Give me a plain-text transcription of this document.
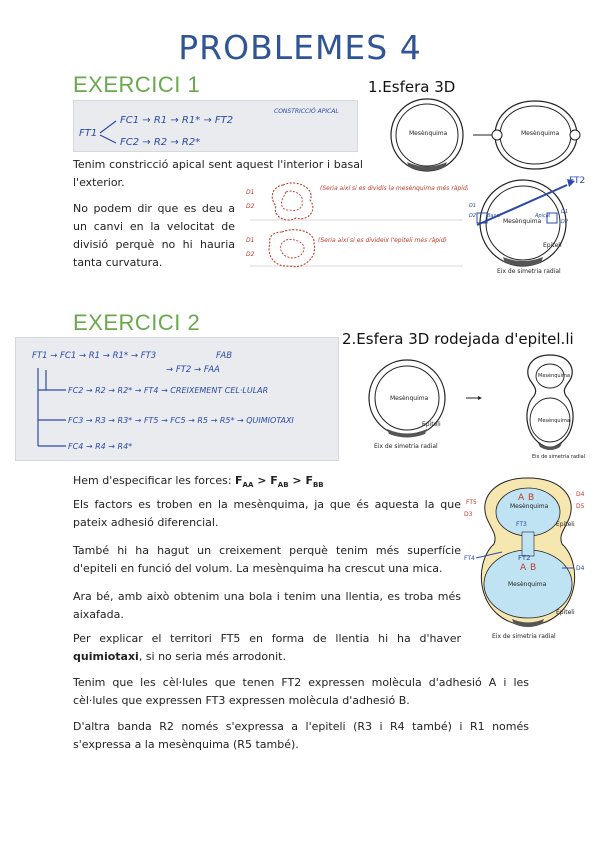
PROBLEMES 4
EXERCICI 1	1.Esfera 3D
FT1
FC1 → R1 → R1* → FT2
FC2 → R2 → R2*
CONSTRICCIÓ APICAL
Tenim constricció apical sent aquest l'interior i basal l'exterior.
No podem dir que es deu a un canvi en la velocitat de divisió perquè no hi hauria tanta curvatura.
D1
D2
D1
D2
(Seria així si es dividís la mesènquima més ràpid)
(Seria així si es divideix l'epiteli més ràpid)
Mesènquima	Mesènquima
Mesènquima
Epiteli
Eix de simetria radial
FT2
D1
D2
D1
D2
Apical
Basal
EXERCICI 2
2.Esfera 3D rodejada d'epitel.li
FT1 → FC1 → R1 → R1* → FT3	FAB
→ FT2 → FAA
FC2 → R2 → R2* → FT4 → CREIXEMENT CEL·LULAR
FC3 → R3 → R3* → FT5 → FC5 → R5 → R5* → QUIMIOTAXI
FC4 → R4 → R4*
Mesènquima
Epiteli
Eix de simetria radial
Mesènquima
Mesènquima
Eix de simetria radial
Hem d'especificar les forces: $F_{AA} > F_{AB} > F_{BB}$
Els factors es troben en la mesènquima, ja que és aquesta la que pateix adhesió diferencial.
També hi ha hagut un creixement perquè tenim més superfície d'epiteli en funció del volum. La mesènquima ha crescut una mica.
Ara bé, amb això obtenim una bola i tenim una llentia, es troba més aixafada.
Per explicar el territori FT5 en forma de llentia hi ha d'haver quimiotaxi, si no seria més arrodonit.
Tenim que les cèl·lules que tenen FT2 expressen molècula d'adhesió A i les cèl·lules que expressen FT3 expressen molècula d'adhesió B.
D'altra banda R2 només s'expressa a l'epiteli (R3 i R4 també) i R1 només s'expressa a la mesènquima (R5 també).
Mesènquima
Mesènquima
Epiteli
Epiteli
Eix de simetria radial
A B
FT3
FT2
A B
FT5
FT4
D4
D5
D3
D4
